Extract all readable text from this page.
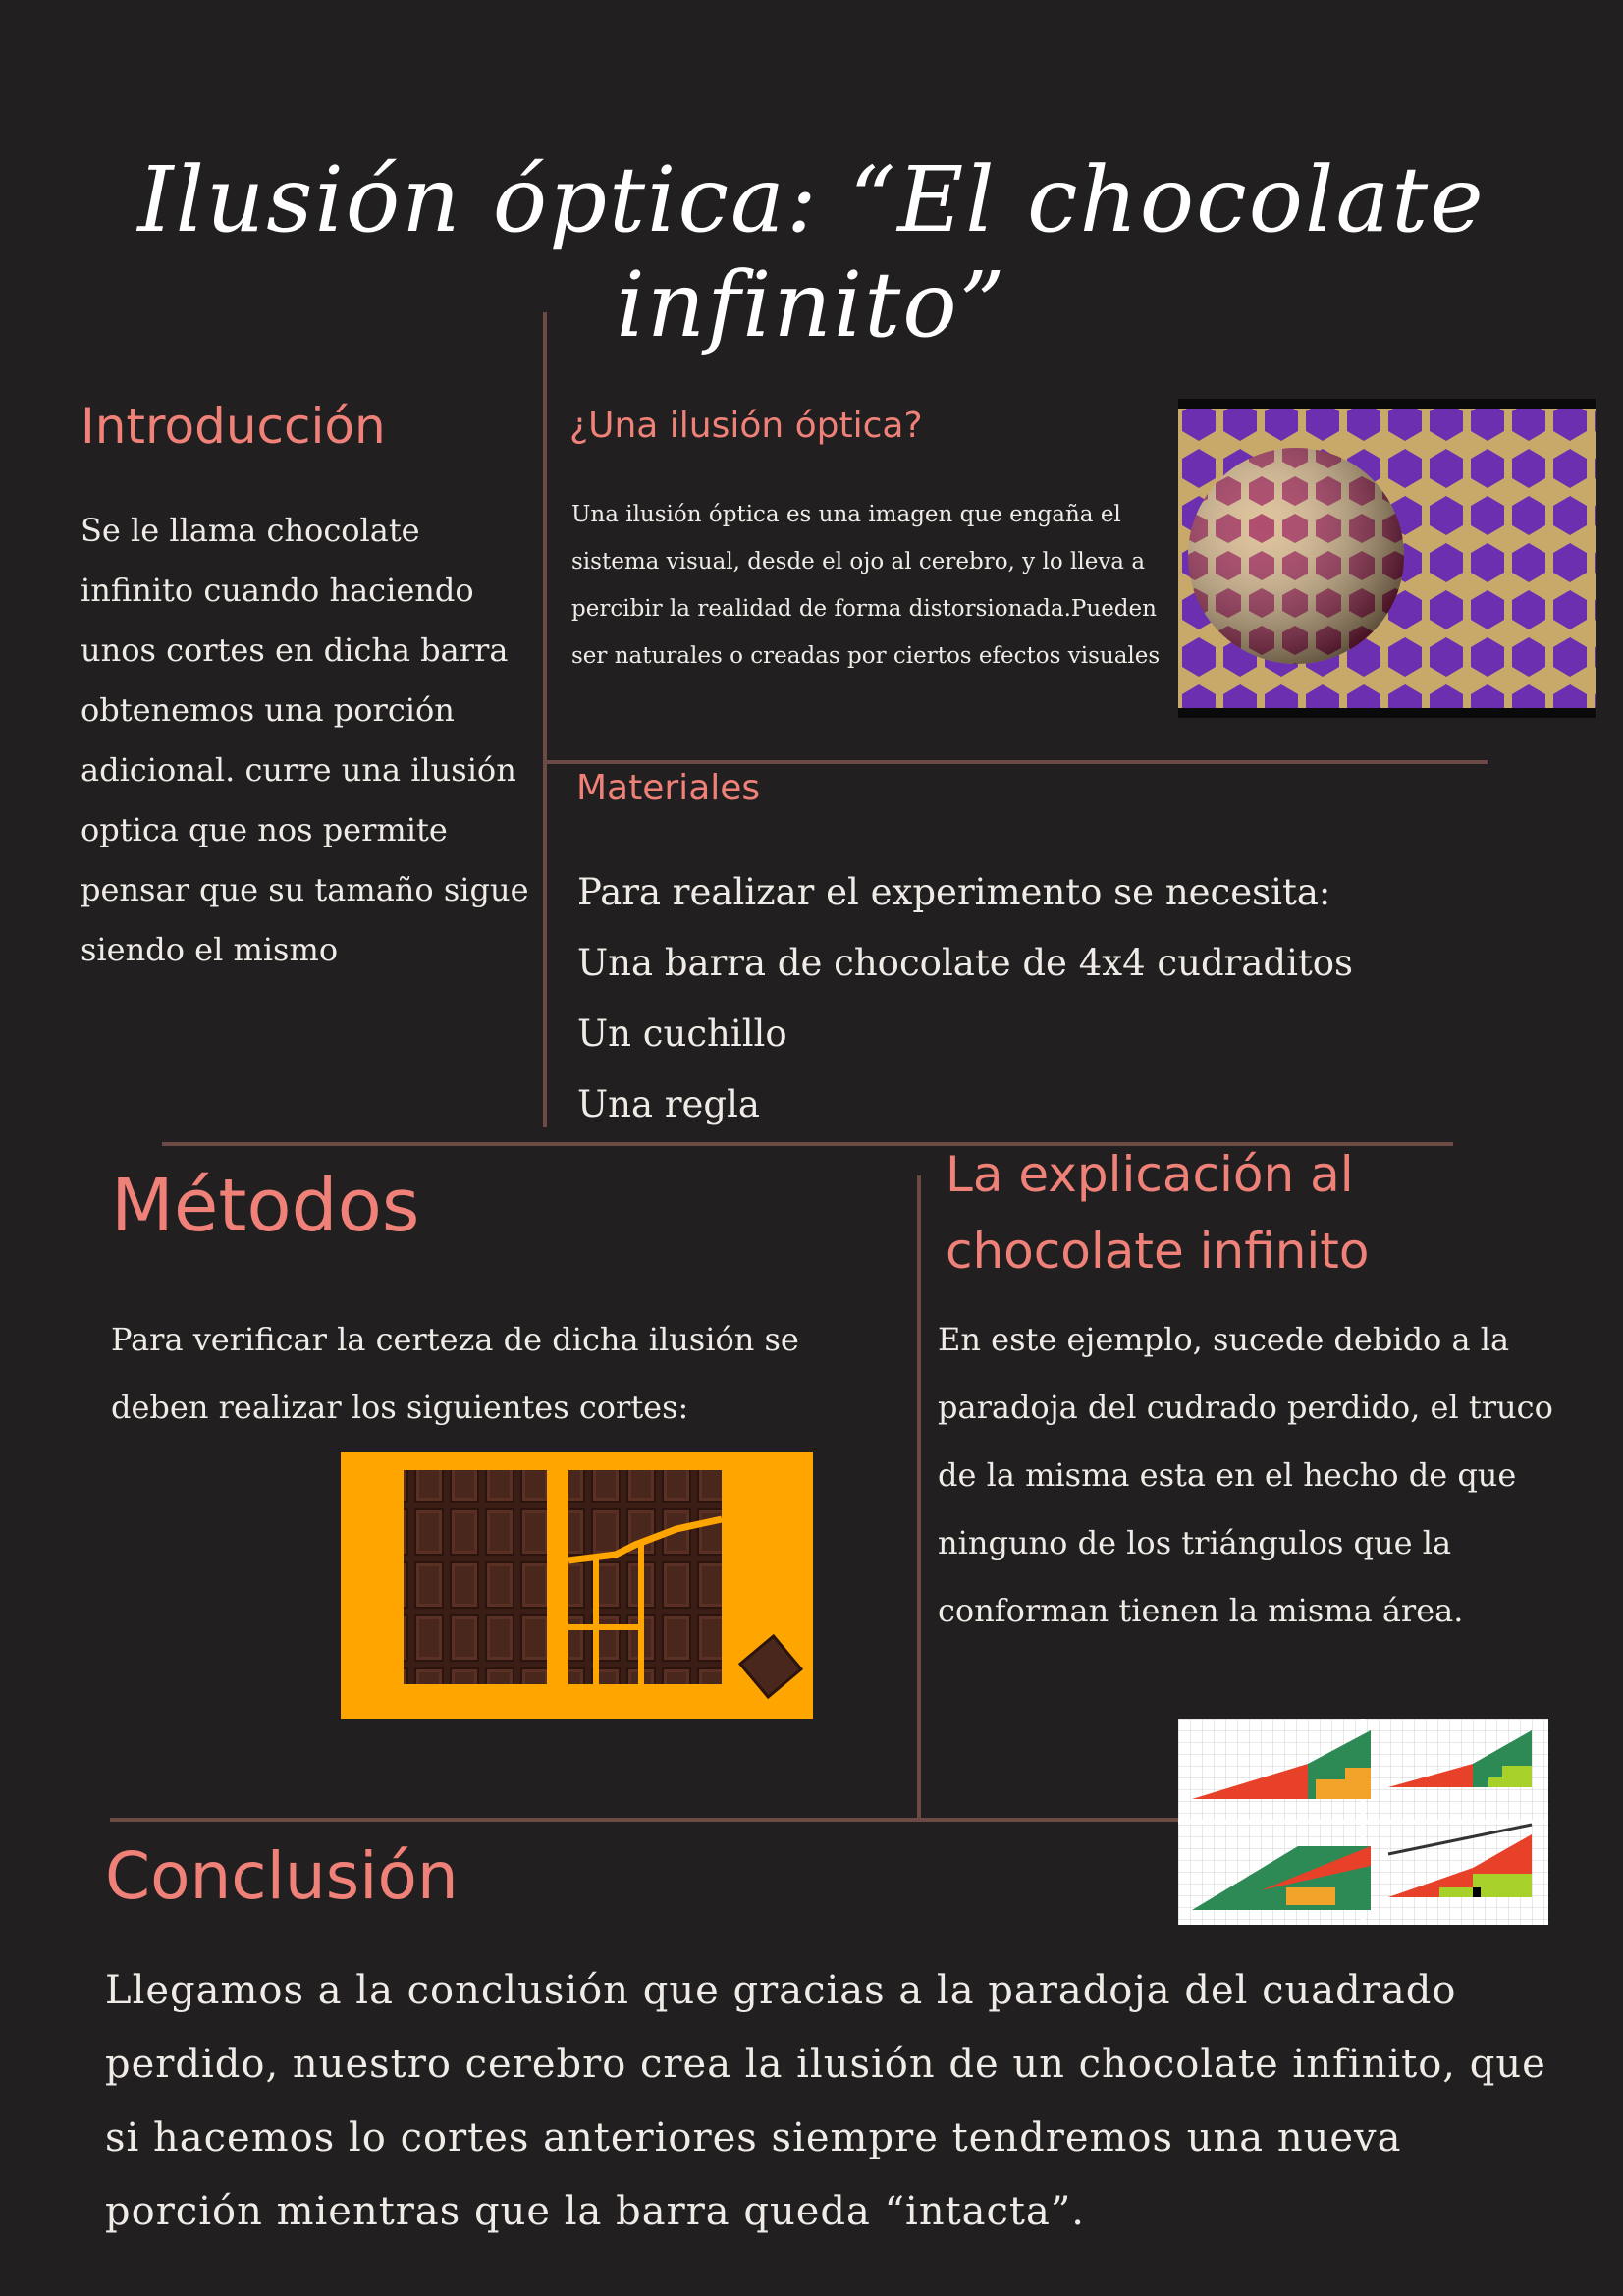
Ilusión óptica: “El chocolate infinito”
Introducción
Se le llama chocolate infinito cuando haciendo unos cortes en dicha barra obtenemos una porción adicional. curre una ilusión optica que nos permite pensar que su tamaño sigue siendo el mismo
¿Una ilusión óptica?
Una ilusión óptica es una imagen que engaña el sistema visual, desde el ojo al cerebro, y lo lleva a percibir la realidad de forma distorsionada.Pueden ser naturales o creadas por ciertos efectos visuales
Materiales
Para realizar el experimento se necesita:
Una barra de chocolate de 4x4 cudraditos
Un cuchillo
Una regla
Métodos
Para verificar la certeza de dicha ilusión se deben realizar los siguientes cortes:
La explicación al
chocolate infinito
En este ejemplo, sucede debido a la paradoja del cudrado perdido, el truco de la misma esta en el hecho de que ninguno de los triángulos que la conforman tienen la misma área.
Conclusión
Llegamos a la conclusión que gracias a la paradoja del cuadrado perdido, nuestro cerebro crea la ilusión de un chocolate infinito, que si hacemos lo cortes anteriores siempre tendremos una nueva porción mientras que la barra queda “intacta”.
